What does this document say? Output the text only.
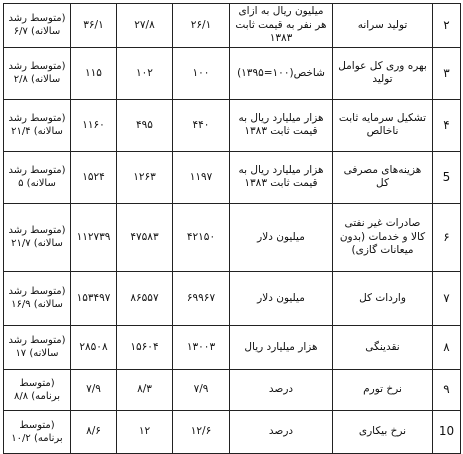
۲	تولید سرانه	میلیون ریال به ازای هر نفر به قیمت ثابت ۱۳۸۳	۲۶/۱	۲۷/۸	۳۶/۱	(متوسط رشد سالانه) ۶/۷
۳	بهره وری کل عوامل تولید	شاخص(۱۰۰=۱۳۹۵)	۱۰۰	۱۰۲	۱۱۵	(متوسط رشد سالانه) ۲/۸
۴	تشکیل سرمایه ثابت ناخالص	هزار میلیارد ریال به قیمت ثابت ۱۳۸۳	۴۴۰	۴۹۵	۱۱۶۰	(متوسط رشد سالانه) ۲۱/۴
5	هزینه‌های مصرفی کل	هزار میلیارد ریال به قیمت ثابت ۱۳۸۳	۱۱۹۷	۱۲۶۳	۱۵۲۴	(متوسط رشد سالانه) ۵
۶	صادرات غیر نفتی کالا و خدمات (بدون میعانات گازی)	میلیون دلار	۴۲۱۵۰	۴۷۵۸۳	۱۱۲۷۳۹	(متوسط رشد سالانه) ۲۱/۷
۷	واردات کل	میلیون دلار	۶۹۹۶۷	۸۶۵۵۷	۱۵۳۴۹۷	(متوسط رشد سالانه) ۱۶/۹
۸	نقدینگی	هزار میلیارد ریال	۱۳۰۰۳	۱۵۶۰۴	۲۸۵۰۸	(متوسط رشد سالانه) ۱۷
۹	نرخ تورم	درصد	۷/۹	۸/۳	۷/۹	(متوسط برنامه) ۸/۸
10	نرخ بیکاری	درصد	۱۲/۶	۱۲	۸/۶	(متوسط برنامه) ۱۰/۲
